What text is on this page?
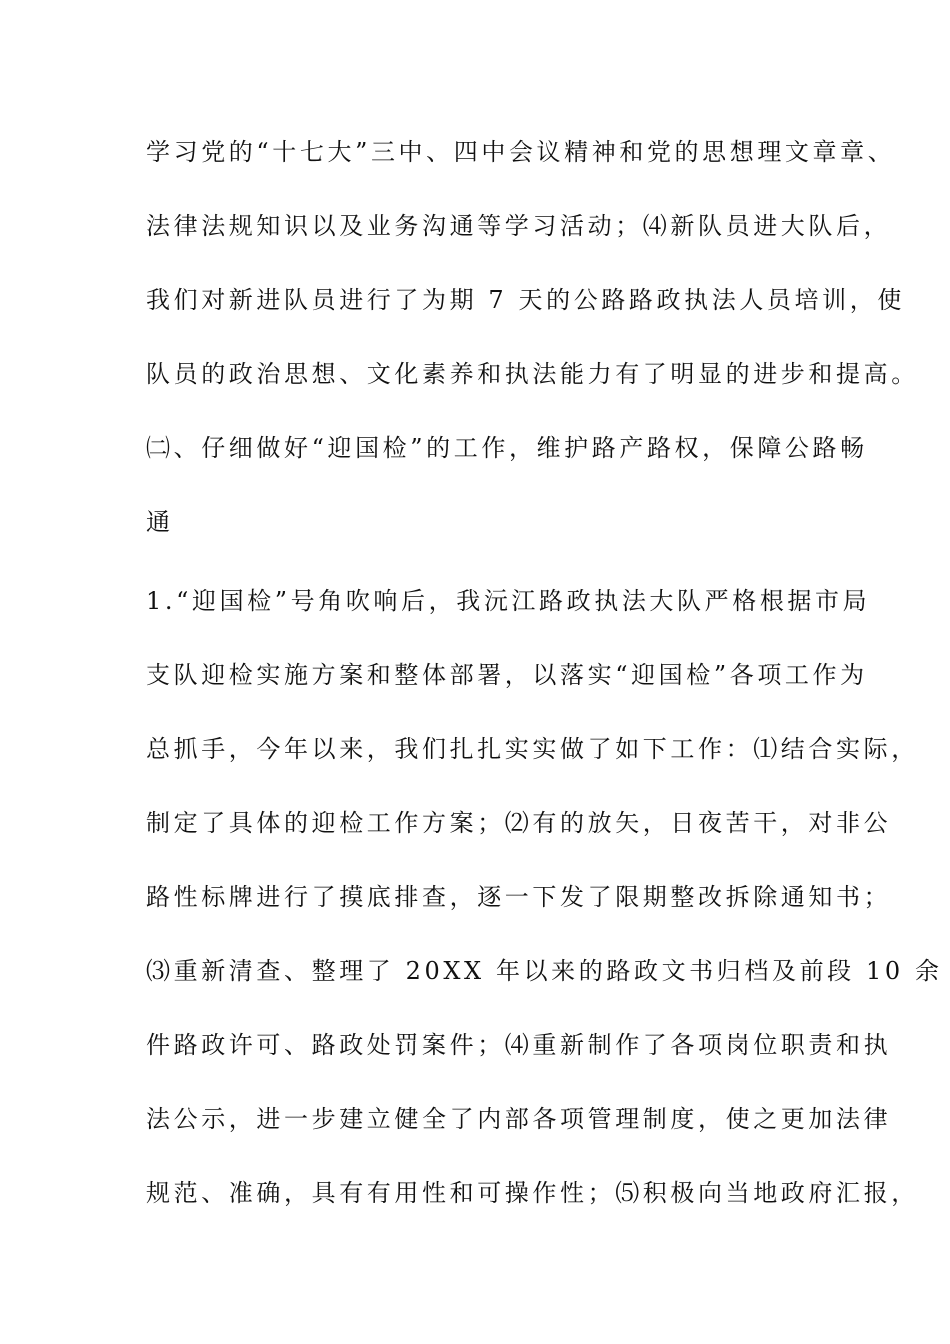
学习党的“十七大”三中、四中会议精神和党的思想理文章章、
法律法规知识以及业务沟通等学习活动；⑷新队员进大队后，
我们对新进队员进行了为期 7 天的公路路政执法人员培训，使
队员的政治思想、文化素养和执法能力有了明显的进步和提高。
㈡、仔细做好“迎国检”的工作，维护路产路权，保障公路畅
通
1.“迎国检”号角吹响后，我沅江路政执法大队严格根据市局
支队迎检实施方案和整体部署，以落实“迎国检”各项工作为
总抓手，今年以来，我们扎扎实实做了如下工作：⑴结合实际，
制定了具体的迎检工作方案；⑵有的放矢，日夜苦干，对非公
路性标牌进行了摸底排查，逐一下发了限期整改拆除通知书；
⑶重新清查、整理了 20XX 年以来的路政文书归档及前段 10 余
件路政许可、路政处罚案件；⑷重新制作了各项岗位职责和执
法公示，进一步建立健全了内部各项管理制度，使之更加法律
规范、准确，具有有用性和可操作性；⑸积极向当地政府汇报，
